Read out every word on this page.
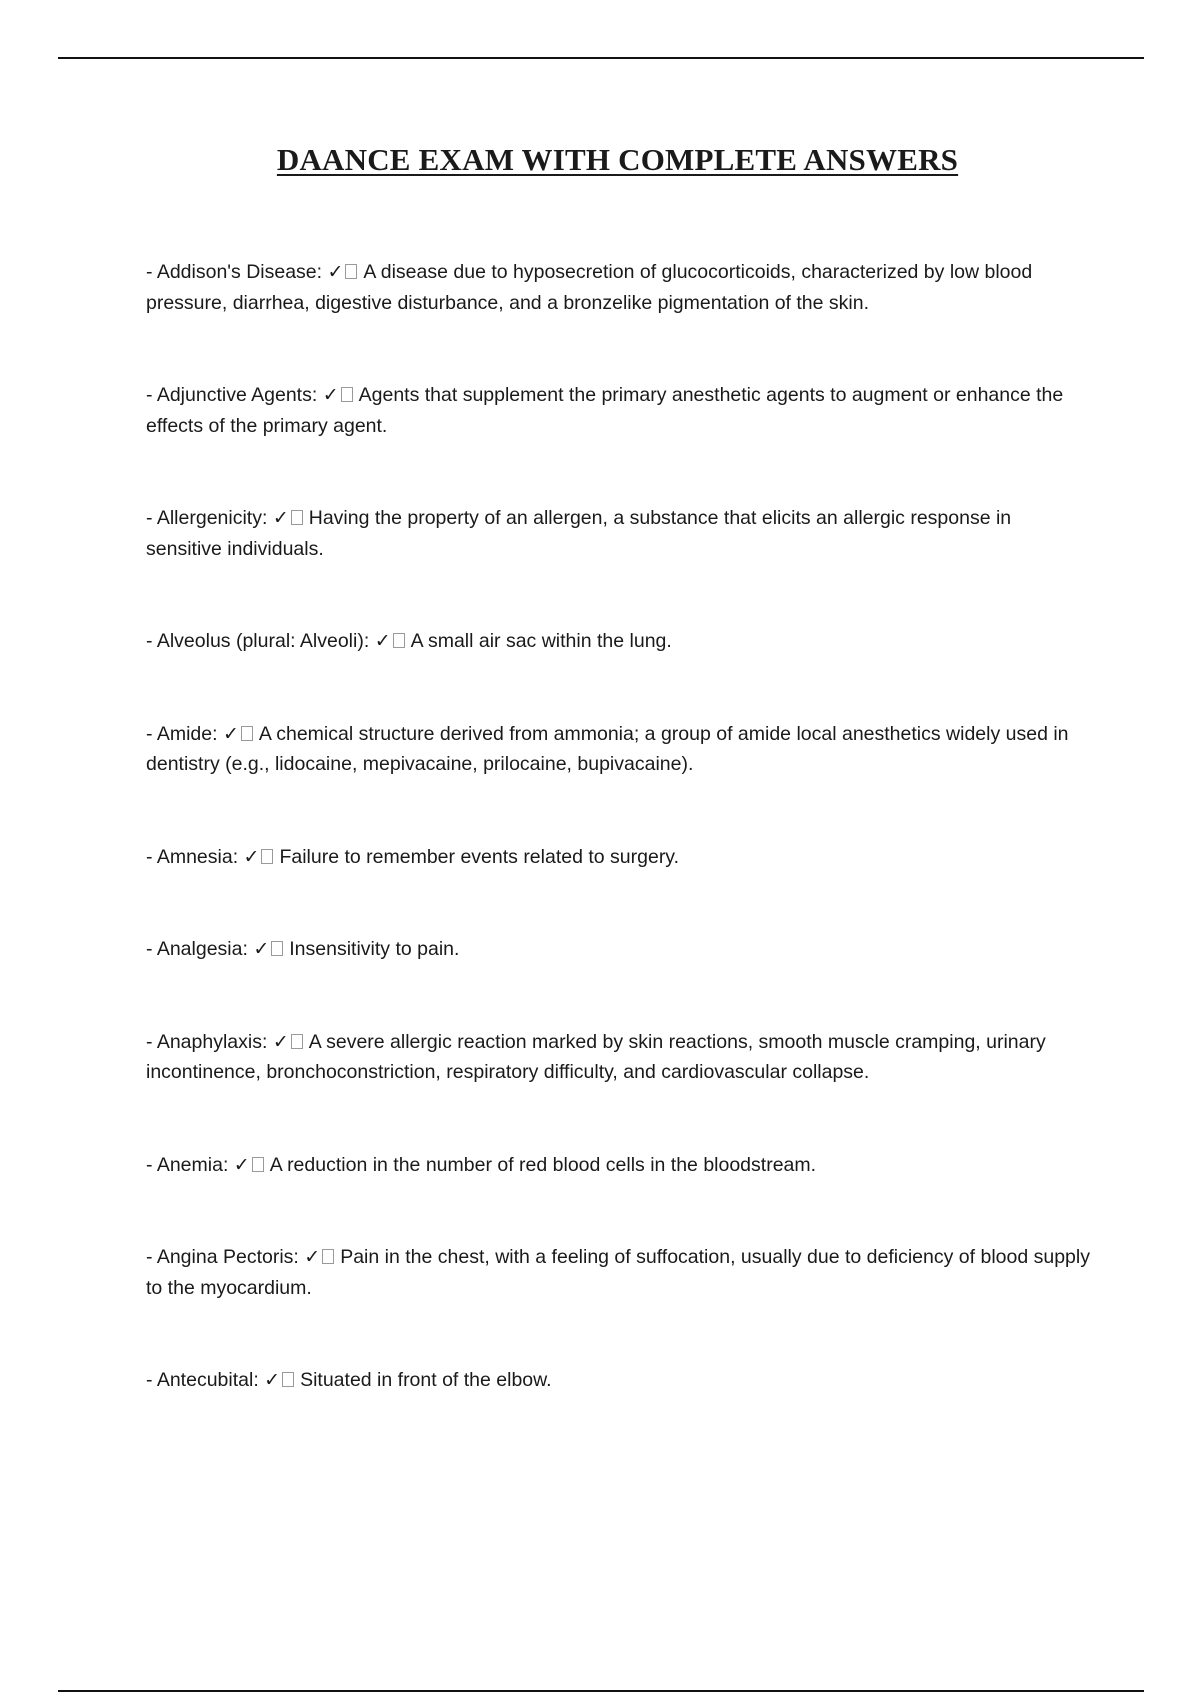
DAANCE EXAM WITH COMPLETE ANSWERS
- Addison's Disease: ✓ A disease due to hyposecretion of glucocorticoids, characterized by low blood pressure, diarrhea, digestive disturbance, and a bronzelike pigmentation of the skin.
- Adjunctive Agents: ✓ Agents that supplement the primary anesthetic agents to augment or enhance the effects of the primary agent.
- Allergenicity: ✓ Having the property of an allergen, a substance that elicits an allergic response in sensitive individuals.
- Alveolus (plural: Alveoli): ✓ A small air sac within the lung.
- Amide: ✓ A chemical structure derived from ammonia; a group of amide local anesthetics widely used in dentistry (e.g., lidocaine, mepivacaine, prilocaine, bupivacaine).
- Amnesia: ✓ Failure to remember events related to surgery.
- Analgesia: ✓ Insensitivity to pain.
- Anaphylaxis: ✓ A severe allergic reaction marked by skin reactions, smooth muscle cramping, urinary incontinence, bronchoconstriction, respiratory difficulty, and cardiovascular collapse.
- Anemia: ✓ A reduction in the number of red blood cells in the bloodstream.
- Angina Pectoris: ✓ Pain in the chest, with a feeling of suffocation, usually due to deficiency of blood supply to the myocardium.
- Antecubital: ✓ Situated in front of the elbow.
